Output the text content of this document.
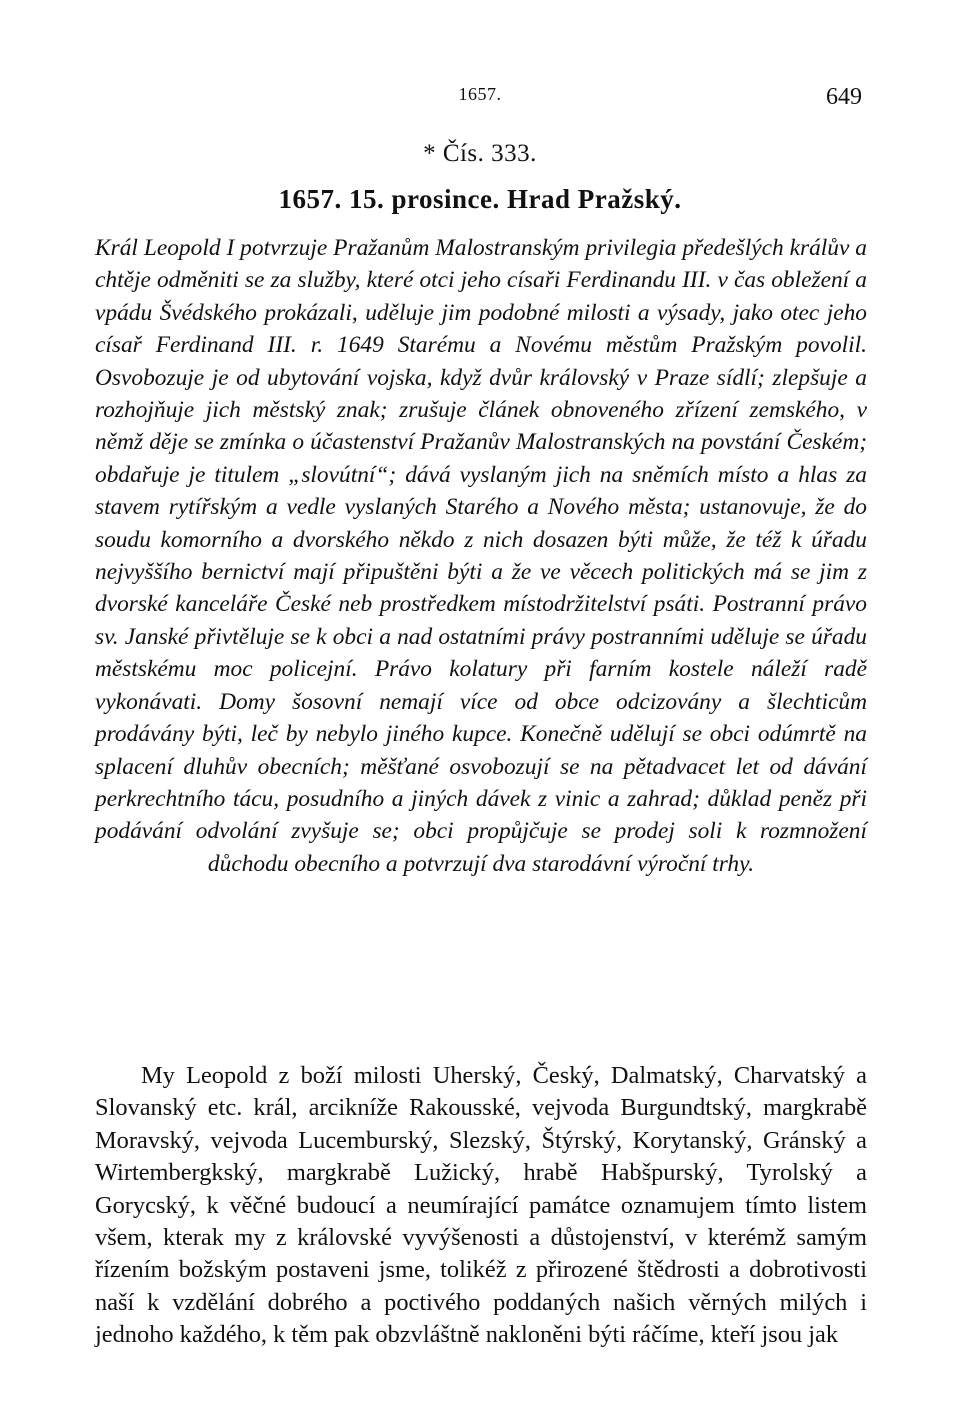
1657.	649
* Čís. 333.
1657. 15. prosince. Hrad Pražský.

Král Leopold I potvrzuje Pražanům Malostranským privilegia předešlých králův a chtěje odměniti se za služby, které otci jeho císaři Ferdinandu III. v čas obležení a vpádu Švédského prokázali, uděluje jim podobné milosti a výsady, jako otec jeho císař Ferdinand III. r. 1649 Starému a Novému městům Pražským povolil. Osvobozuje je od ubytování vojska, když dvůr královský v Praze sídlí; zlepšuje a rozhojňuje jich městský znak; zrušuje článek obnoveného zřízení zemského, v němž děje se zmínka o účastenství Pražanův Malostranských na povstání Českém; obdařuje je titulem „slovútní“; dává vyslaným jich na sněmích místo a hlas za stavem rytířským a vedle vyslaných Starého a Nového města; ustanovuje, že do soudu komorního a dvorského někdo z nich dosazen býti může, že též k úřadu nejvyššího bernictví mají připuštěni býti a že ve věcech politických má se jim z dvorské kanceláře České neb prostředkem místodržitelství psáti. Postranní právo sv. Janské přivtěluje se k obci a nad ostatními právy postranními uděluje se úřadu městskému moc policejní. Právo kolatury při farním kostele náleží radě vykonávati. Domy šosovní nemají více od obce odcizovány a šlechticům prodávány býti, leč by nebylo jiného kupce. Konečně udělují se obci odúmrtě na splacení dluhův obecních; měšťané osvobozují se na pětadvacet let od dávání perkrechtního tácu, posudního a jiných dávek z vinic a zahrad; důklad peněz při podávání odvolání zvyšuje se; obci propůjčuje se prodej soli k rozmnožení důchodu obecního a potvrzují dva starodávní výroční trhy.

My Leopold z boží milosti Uherský, Český, Dalmatský, Charvatský a Slovanský etc. král, arcikníže Rakousské, vejvoda Burgundtský, margkrabě Moravský, vejvoda Lucemburský, Slezský, Štýrský, Korytanský, Gránský a Wirtembergkský, margkrabě Lužický, hrabě Habšpurský, Tyrolský a Gorycský, k věčné budoucí a neumírající památce oznamujem tímto listem všem, kterak my z královské vyvýšenosti a důstojenství, v kterémž samým řízením božským postaveni jsme, tolikéž z přirozené štědrosti a dobrotivosti naší k vzdělání dobrého a poctivého poddaných našich věrných milých i jednoho každého, k těm pak obzvláštně nakloněni býti ráčíme, kteří jsou jak
